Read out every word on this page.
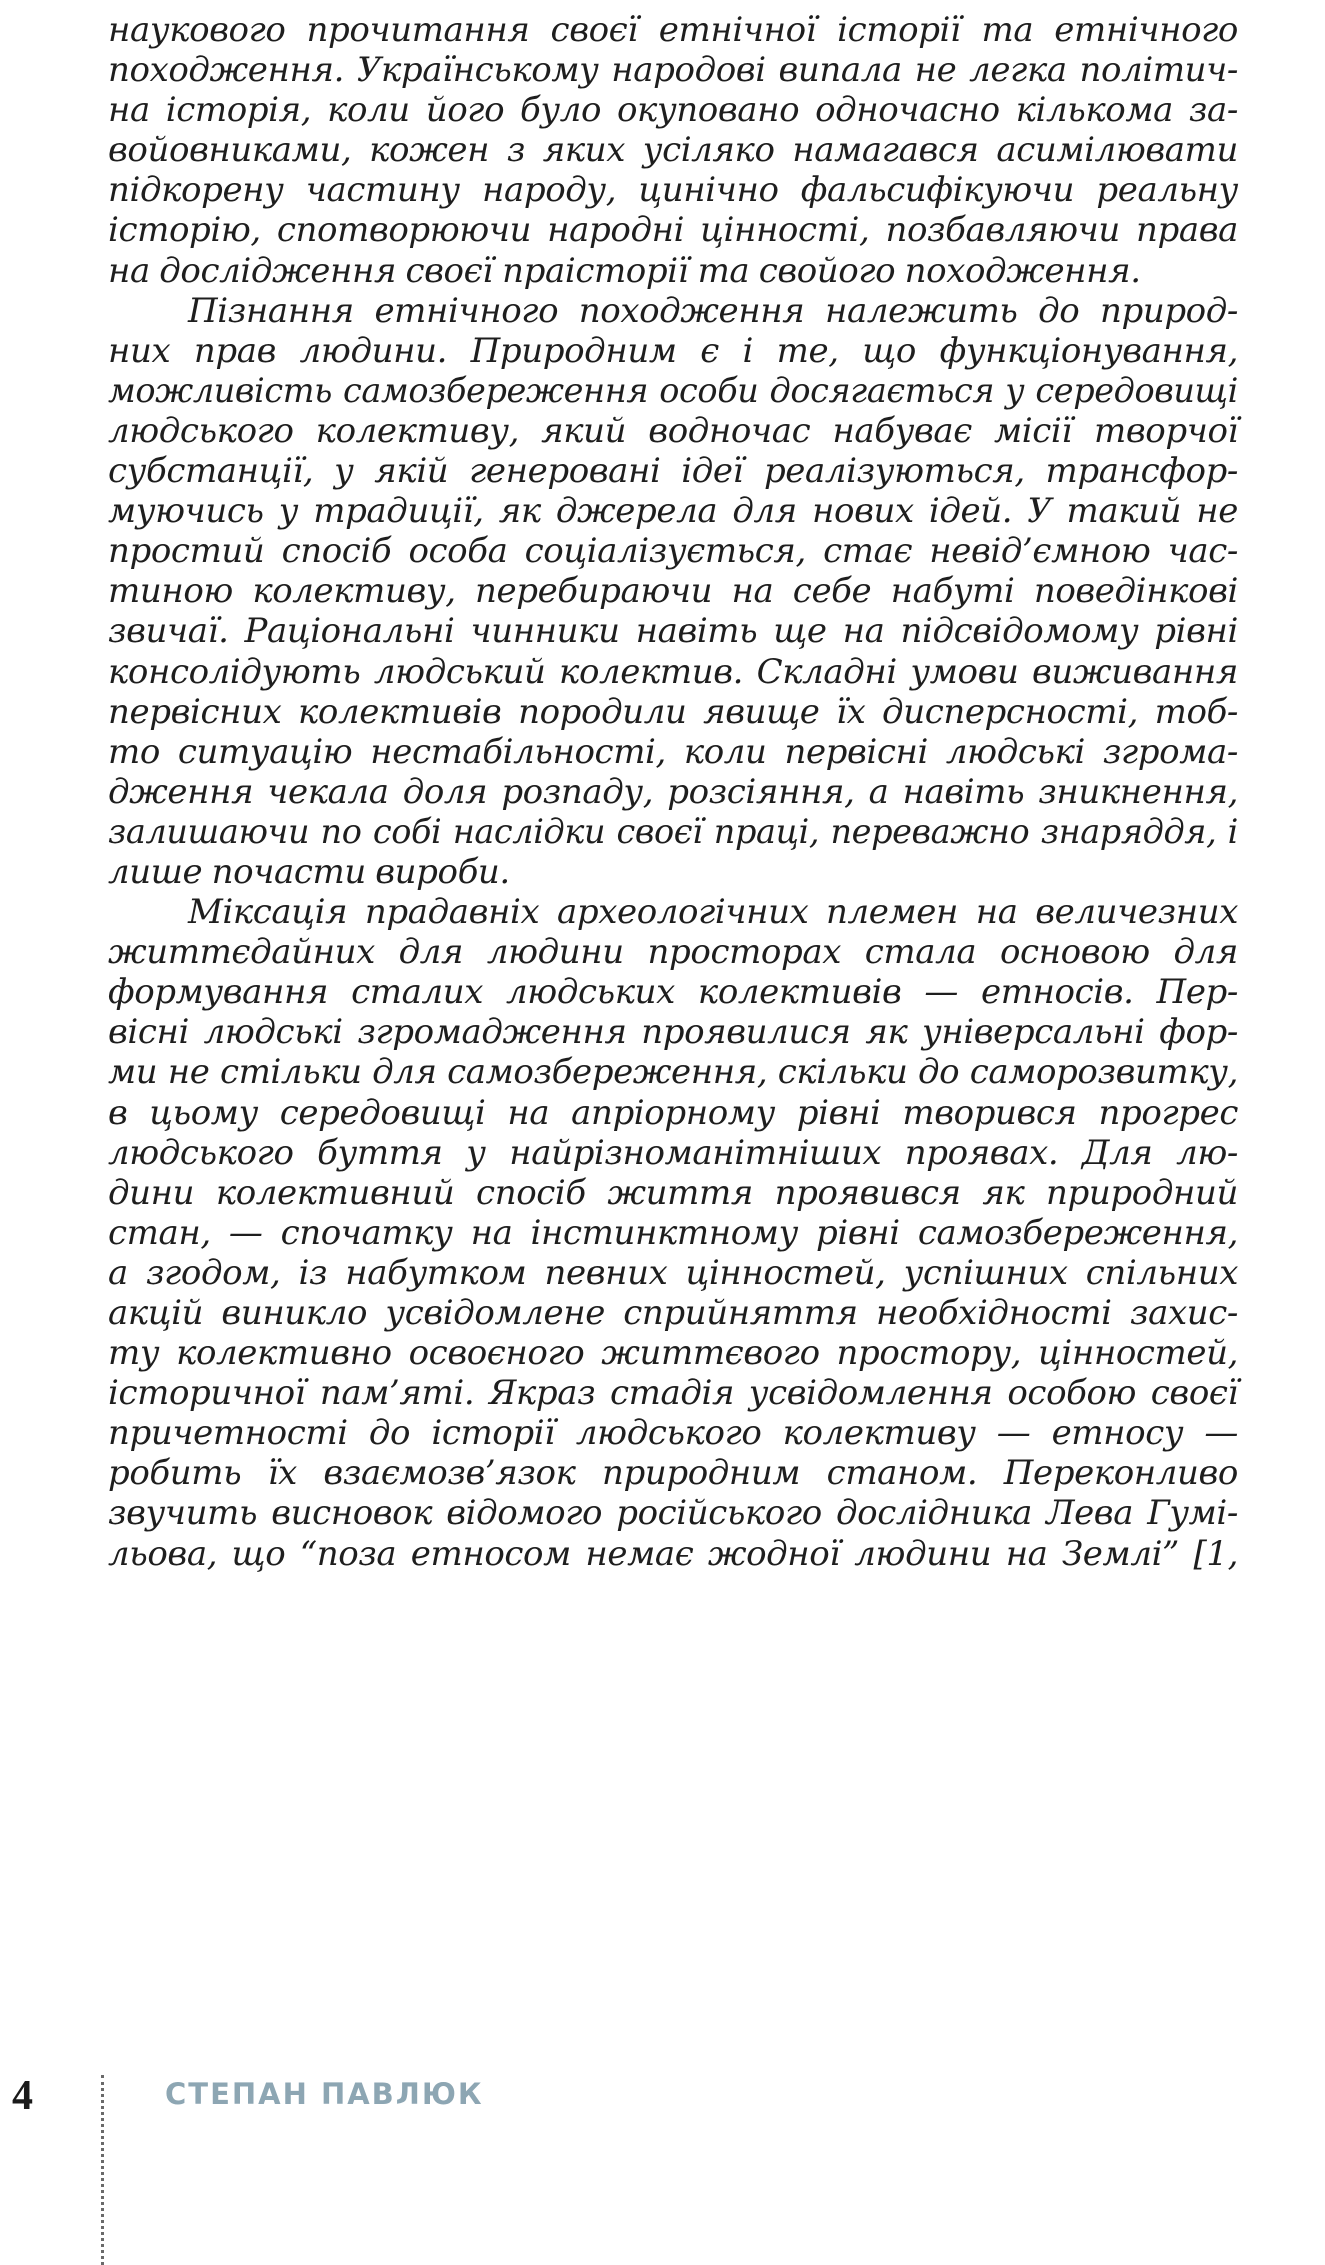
наукового прочитання своєї етнічної історії та етнічного
походження. Українському народові випала не легка політич-
на історія, коли його було окуповано одночасно кількома за-
войовниками, кожен з яких усіляко намагався асимілювати
підкорену частину народу, цинічно фальсифікуючи реальну
історію, спотворюючи народні цінності, позбавляючи права
на дослідження своєї праісторії та свойого походження.
Пізнання етнічного походження належить до природ-
них прав людини. Природним є і те, що функціонування,
можливість самозбереження особи досягається у середовищі
людського колективу, який водночас набуває місії творчої
субстанції, у якій генеровані ідеї реалізуються, трансфор-
муючись у традиції, як джерела для нових ідей. У такий не
простий спосіб особа соціалізується, стає невід’ємною час-
тиною колективу, перебираючи на себе набуті поведінкові
звичаї. Раціональні чинники навіть ще на підсвідомому рівні
консолідують людський колектив. Складні умови виживання
первісних колективів породили явище їх дисперсності, тоб-
то ситуацію нестабільності, коли первісні людські згрома-
дження чекала доля розпаду, розсіяння, а навіть зникнення,
залишаючи по собі наслідки своєї праці, переважно знаряддя, і
лише почасти вироби.
Міксація прадавніх археологічних племен на величезних
життєдайних для людини просторах стала основою для
формування сталих людських колективів — етносів. Пер-
вісні людські згромадження проявилися як універсальні фор-
ми не стільки для самозбереження, скільки до саморозвитку,
в цьому середовищі на апріорному рівні творився прогрес
людського буття у найрізноманітніших проявах. Для лю-
дини колективний спосіб життя проявився як природний
стан, — спочатку на інстинктному рівні самозбереження,
а згодом, із набутком певних цінностей, успішних спільних
акцій виникло усвідомлене сприйняття необхідності захис-
ту колективно освоєного життєвого простору, цінностей,
історичної пам’яті. Якраз стадія усвідомлення особою своєї
причетності до історії людського колективу — етносу —
робить їх взаємозв’язок природним станом. Переконливо
звучить висновок відомого російського дослідника Лева Гумі-
льова, що “поза етносом немає жодної людини на Землі” [1,
4	СТЕПАН ПАВЛЮК
